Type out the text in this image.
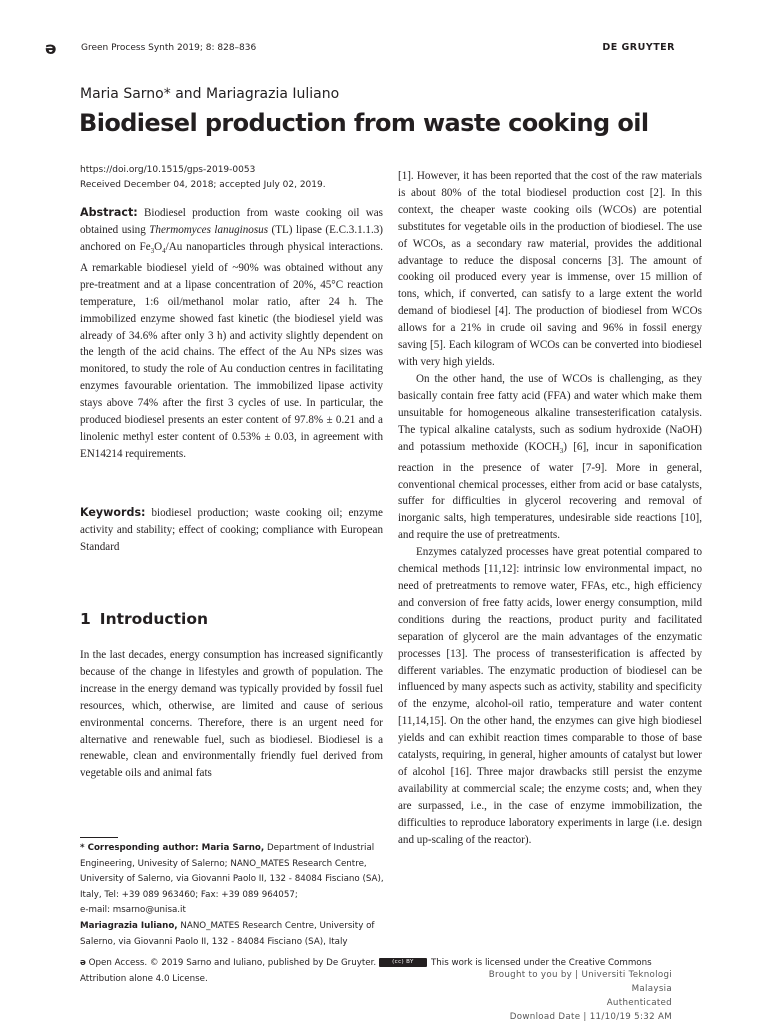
ə	Green Process Synth 2019; 8: 828–836	DE GRUYTER
Maria Sarno* and Mariagrazia Iuliano
Biodiesel production from waste cooking oil
https://doi.org/10.1515/gps-2019-0053
Received December 04, 2018; accepted July 02, 2019.

Abstract: Biodiesel production from waste cooking oil was obtained using Thermomyces lanuginosus (TL) lipase (E.C.3.1.1.3) anchored on $Fe_3O_4/Au$ nanoparticles through physical interactions. A remarkable biodiesel yield of ~90% was obtained without any pre-treatment and at a lipase concentration of 20%, 45°C reaction temperature, 1:6 oil/methanol molar ratio, after 24 h. The immobilized enzyme showed fast kinetic (the biodiesel yield was already of 34.6% after only 3 h) and activity slightly dependent on the length of the acid chains. The effect of the Au NPs sizes was monitored, to study the role of Au conduction centres in facilitating enzymes favourable orientation. The immobilized lipase activity stays above 74% after the first 3 cycles of use. In particular, the produced biodiesel presents an ester content of 97.8% ± 0.21 and a linolenic methyl ester content of 0.53% ± 0.03, in agreement with EN14214 requirements.

Keywords: biodiesel production; waste cooking oil; enzyme activity and stability; effect of cooking; compliance with European Standard

1 Introduction

In the last decades, energy consumption has increased significantly because of the change in lifestyles and growth of population. The increase in the energy demand was typically provided by fossil fuel resources, which, otherwise, are limited and cause of serious environmental concerns. Therefore, there is an urgent need for alternative and renewable fuel, such as biodiesel. Biodiesel is a renewable, clean and environmentally friendly fuel derived from vegetable oils and animal fats

[1]. However, it has been reported that the cost of the raw materials is about 80% of the total biodiesel production cost [2]. In this context, the cheaper waste cooking oils (WCOs) are potential substitutes for vegetable oils in the production of biodiesel. The use of WCOs, as a secondary raw material, provides the additional advantage to reduce the disposal concerns [3]. The amount of cooking oil produced every year is immense, over 15 million of tons, which, if converted, can satisfy to a large extent the world demand of biodiesel [4]. The production of biodiesel from WCOs allows for a 21% in crude oil saving and 96% in fossil energy saving [5]. Each kilogram of WCOs can be converted into biodiesel with very high yields.

On the other hand, the use of WCOs is challenging, as they basically contain free fatty acid (FFA) and water which make them unsuitable for homogeneous alkaline transesterification catalysis. The typical alkaline catalysts, such as sodium hydroxide (NaOH) and potassium methoxide $(KOCH_3)$ [6], incur in saponification reaction in the presence of water [7-9]. More in general, conventional chemical processes, either from acid or base catalysts, suffer for difficulties in glycerol recovering and removal of inorganic salts, high temperatures, undesirable side reactions [10], and require the use of pretreatments.

Enzymes catalyzed processes have great potential compared to chemical methods [11,12]: intrinsic low environmental impact, no need of pretreatments to remove water, FFAs, etc., high efficiency and conversion of free fatty acids, lower energy consumption, mild conditions during the reactions, product purity and facilitated separation of glycerol are the main advantages of the enzymatic processes [13]. The process of transesterification is affected by different variables. The enzymatic production of biodiesel can be influenced by many aspects such as activity, stability and specificity of the enzyme, alcohol-oil ratio, temperature and water content [11,14,15]. On the other hand, the enzymes can give high biodiesel yields and can exhibit reaction times comparable to those of base catalysts, requiring, in general, higher amounts of catalyst but lower of alcohol [16]. Three major drawbacks still persist the enzyme availability at commercial scale; the enzyme costs; and, when they are surpassed, i.e., in the case of enzyme immobilization, the difficulties to reproduce laboratory experiments in large (i.e. design and up-scaling of the reactor).

* Corresponding author: Maria Sarno, Department of Industrial Engineering, Univesity of Salerno; NANO_MATES Research Centre, University of Salerno, via Giovanni Paolo II, 132 - 84084 Fisciano (SA), Italy, Tel: +39 089 963460; Fax: +39 089 964057;

e-mail: msarno@unisa.it

Mariagrazia Iuliano, NANO_MATES Research Centre, University of Salerno, via Giovanni Paolo II, 132 - 84084 Fisciano (SA), Italy

ə Open Access. © 2019 Sarno and Iuliano, published by De Gruyter.	(cc) BY This work is licensed under the Creative Commons
Attribution alone 4.0 License.	Brought to you by | Universiti Teknologi Malaysia
Authenticated
Download Date | 11/10/19 5:32 AM
